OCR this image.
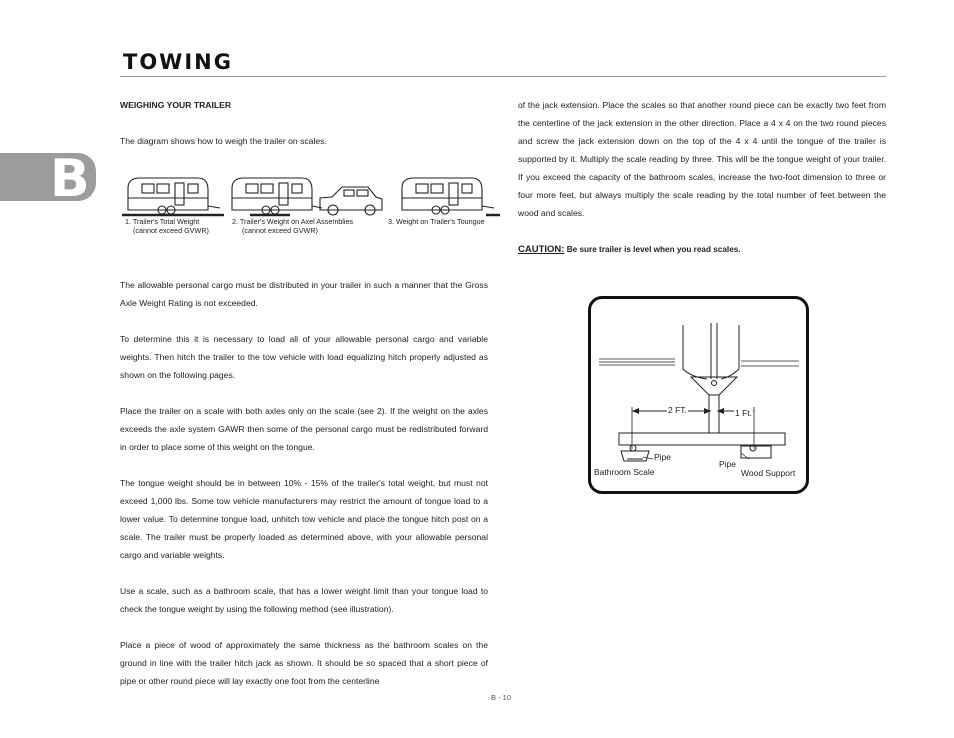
TOWING
B

WEIGHING YOUR TRAILER

The diagram shows how to weigh the trailer on scales.

The allowable personal cargo must be distributed in your trailer in such a manner that the Gross Axle Weight Rating is not exceeded.

To determine this it is necessary to load all of your allowable personal cargo and variable weights. Then hitch the trailer to the tow vehicle with load equalizing hitch properly adjusted as shown on the following pages.

Place the trailer on a scale with both axles only on the scale (see 2). If the weight on the axles exceeds the axle system GAWR then some of the personal cargo must be redistributed forward in order to place some of this weight on the tongue.

The tongue weight should be in between 10% - 15% of the trailer's total weight, but must not exceed 1,000 lbs. Some tow vehicle manufacturers may restrict the amount of tongue load to a lower value. To determine tongue load, unhitch tow vehicle and place the tongue hitch post on a scale. The trailer must be properly loaded as determined above, with your allowable personal cargo and variable weights.

Use a scale, such as a bathroom scale, that has a lower weight limit than your tongue load to check the tongue weight by using the following method (see illustration).

Place a piece of wood of approximately the same thickness as the bathroom scales on the ground in line with the trailer hitch jack as shown. It should be so spaced that a short piece of pipe or other round piece will lay exactly one foot from the centerline

1. Trailer's Total Weight
(cannot exceed GVWR)
2. Trailer's Weight on Axel Assemblies
(cannot exceed GVWR)
3. Weight on Trailer's Toungue

of the jack extension. Place the scales so that another round piece can be exactly two feet from the centerline of the jack extension in the other direction. Place a 4 x 4 on the two round pieces and screw the jack extension down on the top of the 4 x 4 until the tongue of the trailer is supported by it. Multiply the scale reading by three. This will be the tongue weight of your trailer. If you exceed the capacity of the bathroom scales, increase the two-foot dimension to three or four more feet, but always multiply the scale reading by the total number of feet between the wood and scales.

CAUTION: Be sure trailer is level when you read scales.

2 FT.	1 Ft.
Pipe
Pipe
Bathroom Scale	Wood Support
B - 10
